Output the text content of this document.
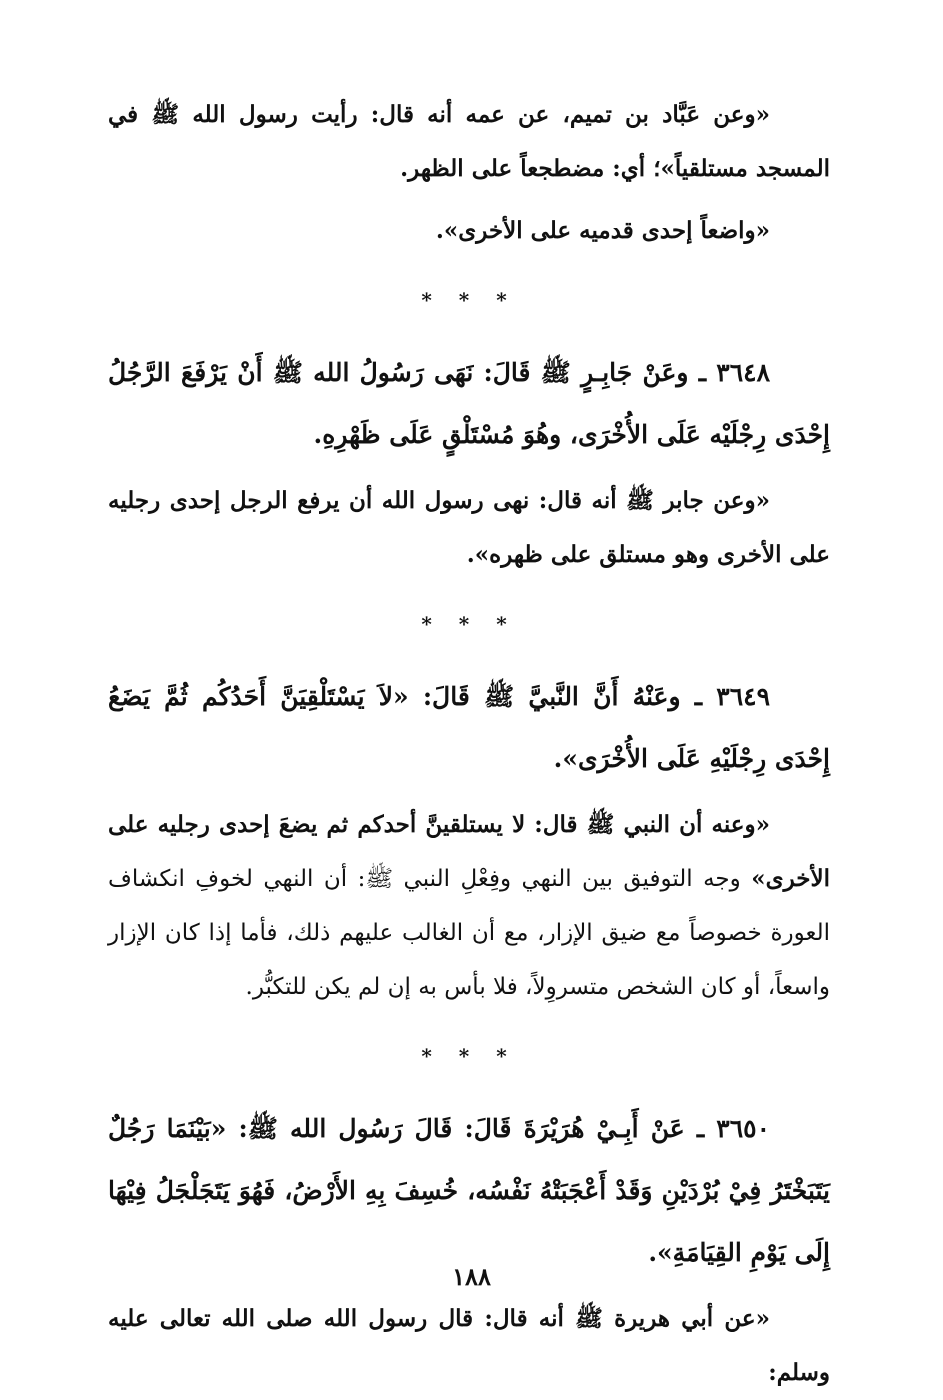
«وعن عَبَّاد بن تميم، عن عمه أنه قال: رأيت رسول الله ﷺ في المسجد مستلقياً»؛ أي: مضطجعاً على الظهر.

«واضعاً إحدى قدميه على الأخرى».

* * *

٣٦٤٨ ـ وعَنْ جَابِـرٍ ﷺ قَالَ: نَهَى رَسُولُ الله ﷺ أَنْ يَرْفَعَ الرَّجُلُ إِحْدَى رِجْلَيْه عَلَى الأُخْرَى، وهُوَ مُسْتَلْقٍ عَلَى ظَهْرِهِ.

«وعن جابر ﷺ أنه قال: نهى رسول الله أن يرفع الرجل إحدى رجليه على الأخرى وهو مستلق على ظهره».

* * *

٣٦٤٩ ـ وعَنْهُ أَنَّ النَّبيَّ ﷺ قَالَ: «لاَ يَسْتَلْقِيَنَّ أَحَدُكُم ثُمَّ يَضَعُ إِحْدَى رِجْلَيْهِ عَلَى الأُخْرَى».

«وعنه أن النبي ﷺ قال: لا يستلقينَّ أحدكم ثم يضعَ إحدى رجليه على الأخرى» وجه التوفيق بين النهي وفِعْلِ النبي ﷺ: أن النهي لخوفِ انكشاف العورة خصوصاً مع ضيق الإزار، مع أن الغالب عليهم ذلك، فأما إذا كان الإزار واسعاً، أو كان الشخص متسروِلاً، فلا بأس به إن لم يكن للتكبُّر.

* * *

٣٦٥٠ ـ عَنْ أَبِـيْ هُرَيْرَةَ قَالَ: قَالَ رَسُول الله ﷺ: «بَيْنَمَا رَجُلٌ يَتَبَخْتَرُ فِيْ بُرْدَيْنِ وَقَدْ أَعْجَبَتْهُ نَفْسُه، خُسِفَ بِهِ الأَرْضُ، فَهُوَ يَتَجَلْجَلُ فِيْهَا إِلَى يَوْمِ القِيَامَةِ».

«عن أبي هريرة ﷺ أنه قال: قال رسول الله صلى الله تعالى عليه وسلم:

١٨٨
